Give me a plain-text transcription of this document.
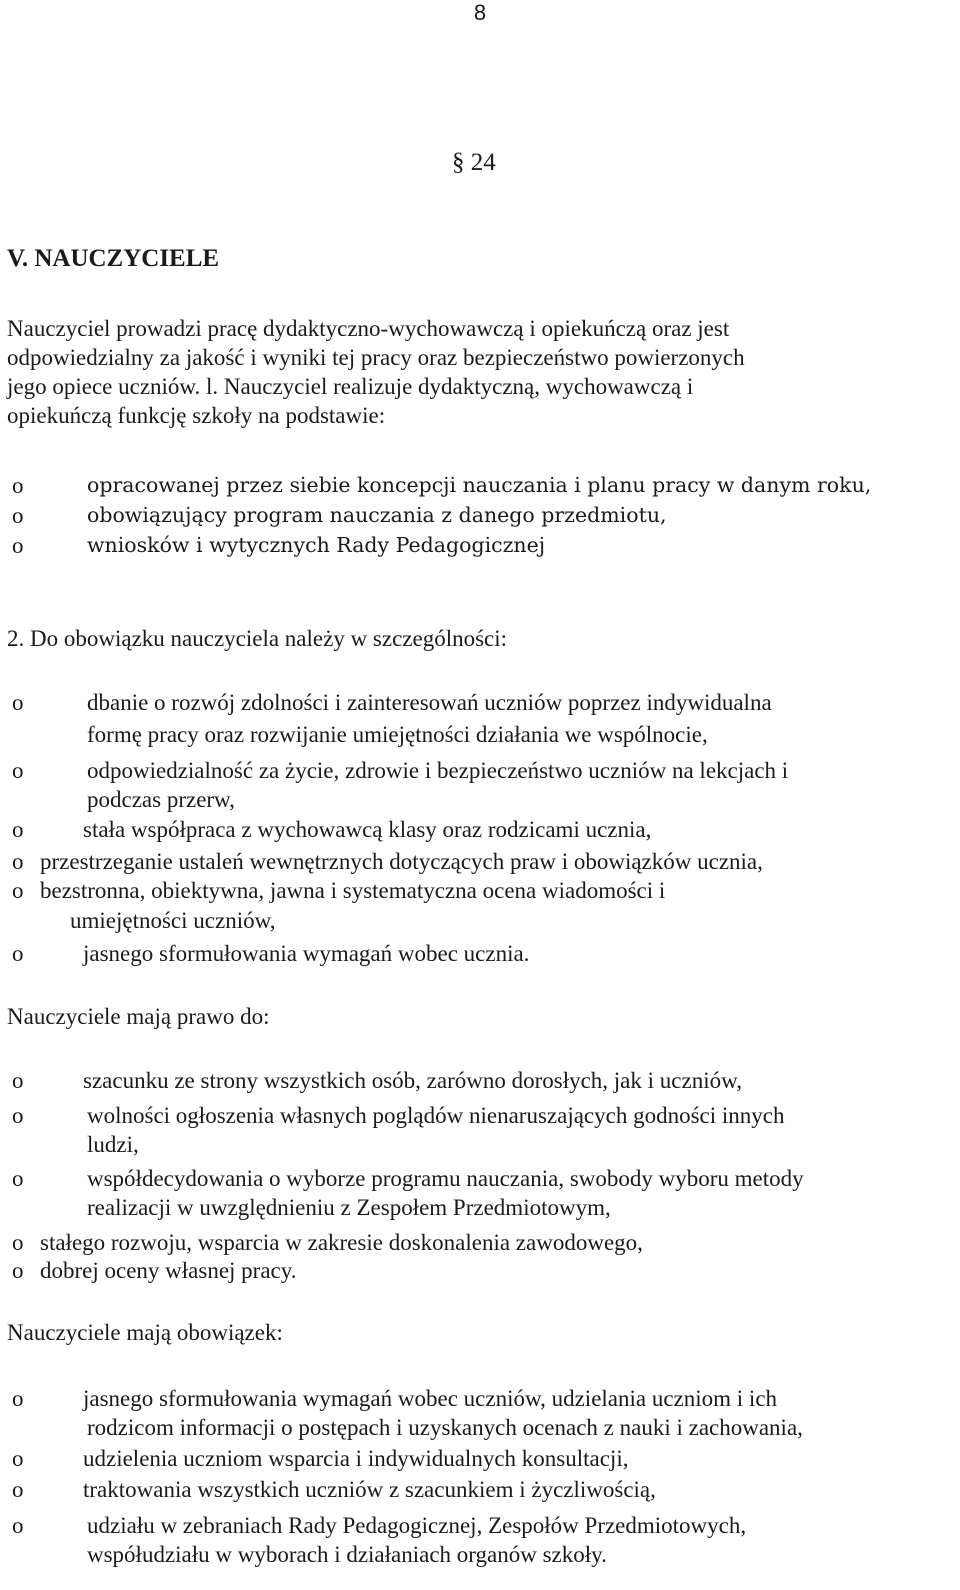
8
§ 24
V. NAUCZYCIELE
Nauczyciel prowadzi pracę dydaktyczno-wychowawczą i opiekuńczą oraz jest
odpowiedzialny za jakość i wyniki tej pracy oraz bezpieczeństwo powierzonych
jego opiece uczniów. l. Nauczyciel realizuje dydaktyczną, wychowawczą i
opiekuńczą funkcję szkoły na podstawie:
o	opracowanej przez siebie koncepcji nauczania i planu pracy w danym roku,
o	obowiązujący program nauczania z danego przedmiotu,
o	wniosków i wytycznych Rady Pedagogicznej
2. Do obowiązku nauczyciela należy w szczególności:
o	dbanie o rozwój zdolności i zainteresowań uczniów poprzez indywidualna
formę pracy oraz rozwijanie umiejętności działania we wspólnocie,
o	odpowiedzialność za życie, zdrowie i bezpieczeństwo uczniów na lekcjach i
podczas przerw,
o	stała współpraca z wychowawcą klasy oraz rodzicami ucznia,
o przestrzeganie ustaleń wewnętrznych dotyczących praw i obowiązków ucznia,
o bezstronna, obiektywna, jawna i systematyczna ocena wiadomości i
umiejętności uczniów,
o	jasnego sformułowania wymagań wobec ucznia.
Nauczyciele mają prawo do:
o	szacunku ze strony wszystkich osób, zarówno dorosłych, jak i uczniów,
o	wolności ogłoszenia własnych poglądów nienaruszających godności innych
ludzi,
o	współdecydowania o wyborze programu nauczania, swobody wyboru metody
realizacji w uwzględnieniu z Zespołem Przedmiotowym,
o stałego rozwoju, wsparcia w zakresie doskonalenia zawodowego,
o dobrej oceny własnej pracy.
Nauczyciele mają obowiązek:
o	jasnego sformułowania wymagań wobec uczniów, udzielania uczniom i ich
rodzicom informacji o postępach i uzyskanych ocenach z nauki i zachowania,
o	udzielenia uczniom wsparcia i indywidualnych konsultacji,
o	traktowania wszystkich uczniów z szacunkiem i życzliwością,
o	udziału w zebraniach Rady Pedagogicznej, Zespołów Przedmiotowych,
współudziału w wyborach i działaniach organów szkoły.
